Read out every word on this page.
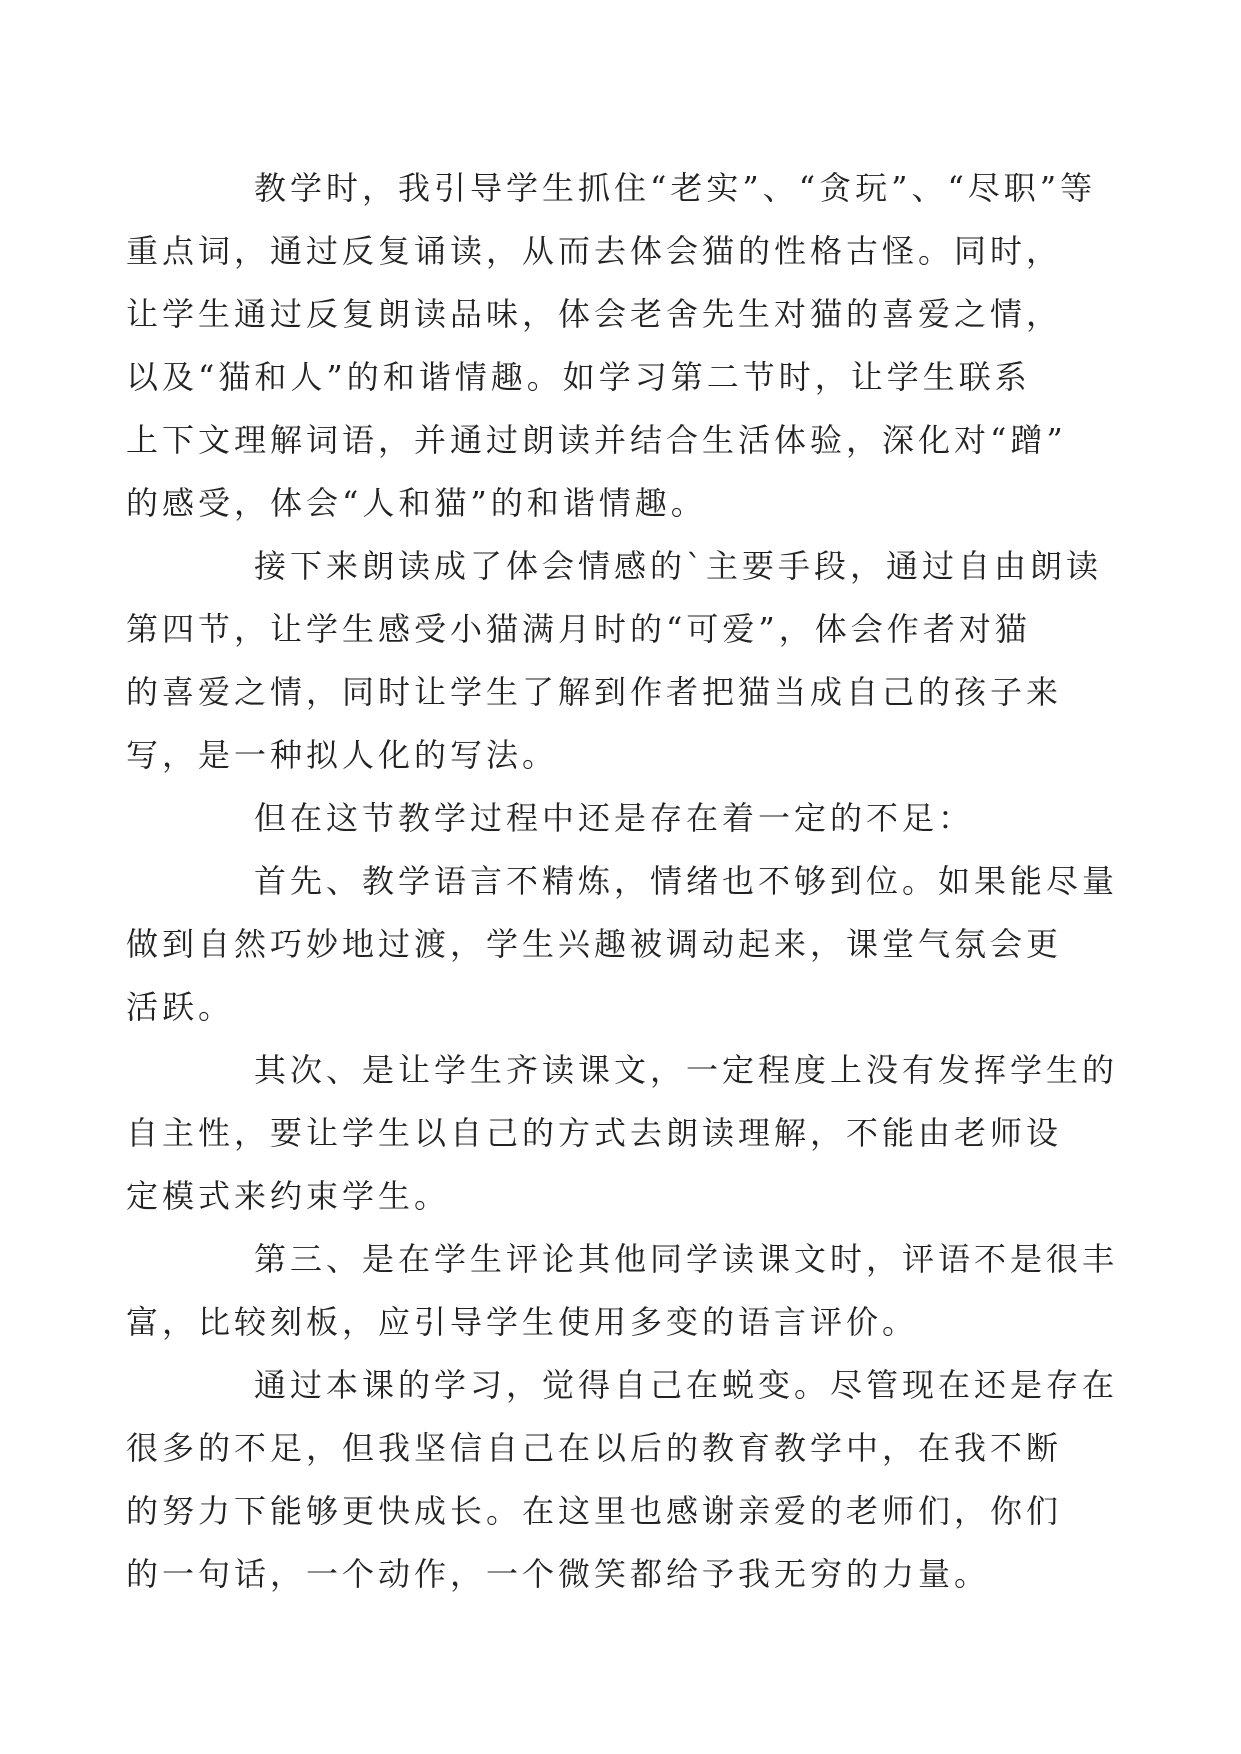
教学时，我引导学生抓住“老实”、“贪玩”、“尽职”等
重点词，通过反复诵读，从而去体会猫的性格古怪。同时，
让学生通过反复朗读品味，体会老舍先生对猫的喜爱之情，
以及“猫和人”的和谐情趣。如学习第二节时，让学生联系
上下文理解词语，并通过朗读并结合生活体验，深化对“蹭”
的感受，体会“人和猫”的和谐情趣。

接下来朗读成了体会情感的`主要手段，通过自由朗读
第四节，让学生感受小猫满月时的“可爱”，体会作者对猫
的喜爱之情，同时让学生了解到作者把猫当成自己的孩子来
写，是一种拟人化的写法。

但在这节教学过程中还是存在着一定的不足：

首先、教学语言不精炼，情绪也不够到位。如果能尽量
做到自然巧妙地过渡，学生兴趣被调动起来，课堂气氛会更
活跃。

其次、是让学生齐读课文，一定程度上没有发挥学生的
自主性，要让学生以自己的方式去朗读理解，不能由老师设
定模式来约束学生。

第三、是在学生评论其他同学读课文时，评语不是很丰
富，比较刻板，应引导学生使用多变的语言评价。

通过本课的学习，觉得自己在蜕变。尽管现在还是存在
很多的不足，但我坚信自己在以后的教育教学中，在我不断
的努力下能够更快成长。在这里也感谢亲爱的老师们，你们
的一句话，一个动作，一个微笑都给予我无穷的力量。
